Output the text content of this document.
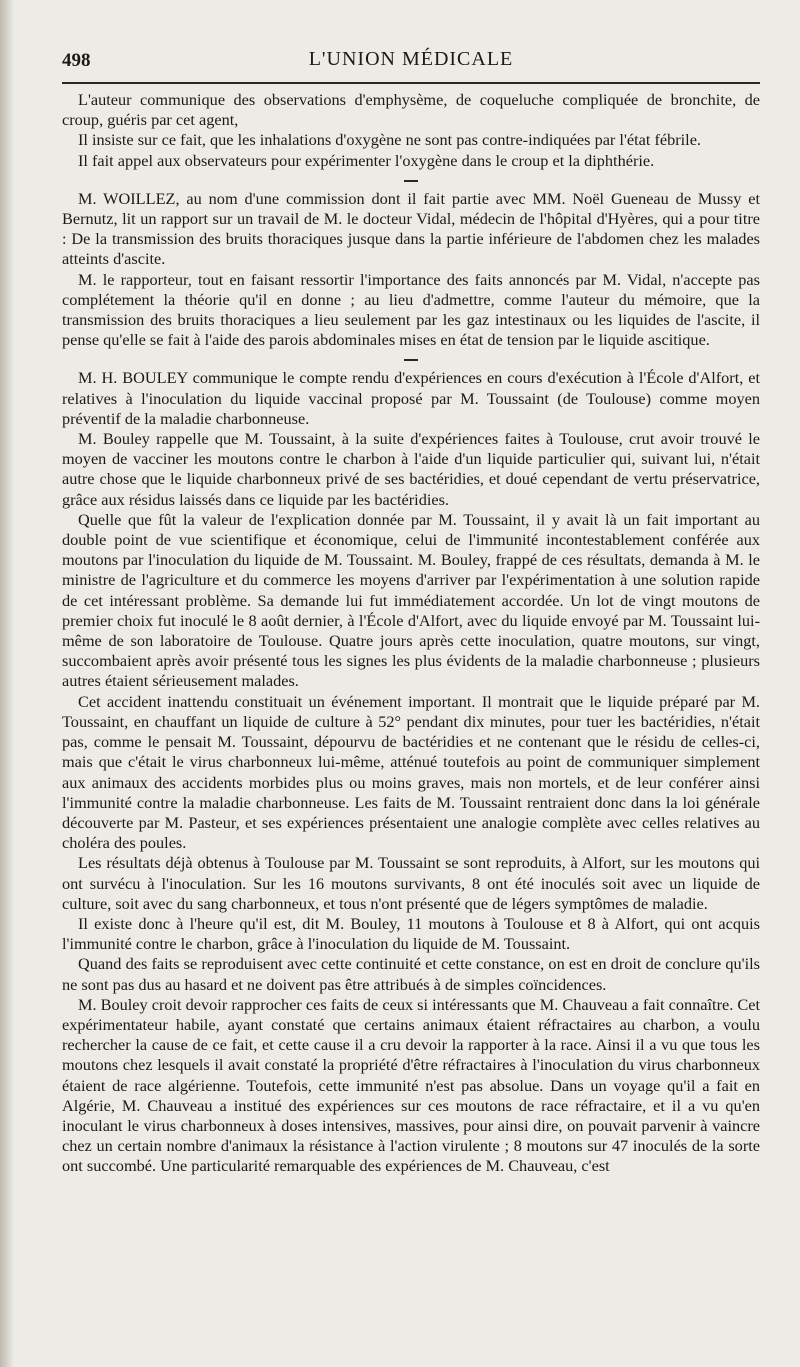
498	L'UNION MÉDICALE

L'auteur communique des observations d'emphysème, de coqueluche compliquée de bronchite, de croup, guéris par cet agent,

Il insiste sur ce fait, que les inhalations d'oxygène ne sont pas contre-indiquées par l'état fébrile.

Il fait appel aux observateurs pour expérimenter l'oxygène dans le croup et la diphthérie.

M. WOILLEZ, au nom d'une commission dont il fait partie avec MM. Noël Gueneau de Mussy et Bernutz, lit un rapport sur un travail de M. le docteur Vidal, médecin de l'hôpital d'Hyères, qui a pour titre : De la transmission des bruits thoraciques jusque dans la partie inférieure de l'abdomen chez les malades atteints d'ascite.

M. le rapporteur, tout en faisant ressortir l'importance des faits annoncés par M. Vidal, n'accepte pas complétement la théorie qu'il en donne ; au lieu d'admettre, comme l'auteur du mémoire, que la transmission des bruits thoraciques a lieu seulement par les gaz intestinaux ou les liquides de l'ascite, il pense qu'elle se fait à l'aide des parois abdominales mises en état de tension par le liquide ascitique.

M. H. BOULEY communique le compte rendu d'expériences en cours d'exécution à l'École d'Alfort, et relatives à l'inoculation du liquide vaccinal proposé par M. Toussaint (de Toulouse) comme moyen préventif de la maladie charbonneuse.

M. Bouley rappelle que M. Toussaint, à la suite d'expériences faites à Toulouse, crut avoir trouvé le moyen de vacciner les moutons contre le charbon à l'aide d'un liquide particulier qui, suivant lui, n'était autre chose que le liquide charbonneux privé de ses bactéridies, et doué cependant de vertu préservatrice, grâce aux résidus laissés dans ce liquide par les bactéridies.

Quelle que fût la valeur de l'explication donnée par M. Toussaint, il y avait là un fait important au double point de vue scientifique et économique, celui de l'immunité incontestablement conférée aux moutons par l'inoculation du liquide de M. Toussaint. M. Bouley, frappé de ces résultats, demanda à M. le ministre de l'agriculture et du commerce les moyens d'arriver par l'expérimentation à une solution rapide de cet intéressant problème. Sa demande lui fut immédiatement accordée. Un lot de vingt moutons de premier choix fut inoculé le 8 août dernier, à l'École d'Alfort, avec du liquide envoyé par M. Toussaint lui-même de son laboratoire de Toulouse. Quatre jours après cette inoculation, quatre moutons, sur vingt, succombaient après avoir présenté tous les signes les plus évidents de la maladie charbonneuse ; plusieurs autres étaient sérieusement malades.

Cet accident inattendu constituait un événement important. Il montrait que le liquide préparé par M. Toussaint, en chauffant un liquide de culture à 52° pendant dix minutes, pour tuer les bactéridies, n'était pas, comme le pensait M. Toussaint, dépourvu de bactéridies et ne contenant que le résidu de celles-ci, mais que c'était le virus charbonneux lui-même, atténué toutefois au point de communiquer simplement aux animaux des accidents morbides plus ou moins graves, mais non mortels, et de leur conférer ainsi l'immunité contre la maladie charbonneuse. Les faits de M. Toussaint rentraient donc dans la loi générale découverte par M. Pasteur, et ses expériences présentaient une analogie complète avec celles relatives au choléra des poules.

Les résultats déjà obtenus à Toulouse par M. Toussaint se sont reproduits, à Alfort, sur les moutons qui ont survécu à l'inoculation. Sur les 16 moutons survivants, 8 ont été inoculés soit avec un liquide de culture, soit avec du sang charbonneux, et tous n'ont présenté que de légers symptômes de maladie.

Il existe donc à l'heure qu'il est, dit M. Bouley, 11 moutons à Toulouse et 8 à Alfort, qui ont acquis l'immunité contre le charbon, grâce à l'inoculation du liquide de M. Toussaint.

Quand des faits se reproduisent avec cette continuité et cette constance, on est en droit de conclure qu'ils ne sont pas dus au hasard et ne doivent pas être attribués à de simples coïncidences.

M. Bouley croit devoir rapprocher ces faits de ceux si intéressants que M. Chauveau a fait connaître. Cet expérimentateur habile, ayant constaté que certains animaux étaient réfractaires au charbon, a voulu rechercher la cause de ce fait, et cette cause il a cru devoir la rapporter à la race. Ainsi il a vu que tous les moutons chez lesquels il avait constaté la propriété d'être réfractaires à l'inoculation du virus charbonneux étaient de race algérienne. Toutefois, cette immunité n'est pas absolue. Dans un voyage qu'il a fait en Algérie, M. Chauveau a institué des expériences sur ces moutons de race réfractaire, et il a vu qu'en inoculant le virus charbonneux à doses intensives, massives, pour ainsi dire, on pouvait parvenir à vaincre chez un certain nombre d'animaux la résistance à l'action virulente ; 8 moutons sur 47 inoculés de la sorte ont succombé. Une particularité remarquable des expériences de M. Chauveau, c'est
